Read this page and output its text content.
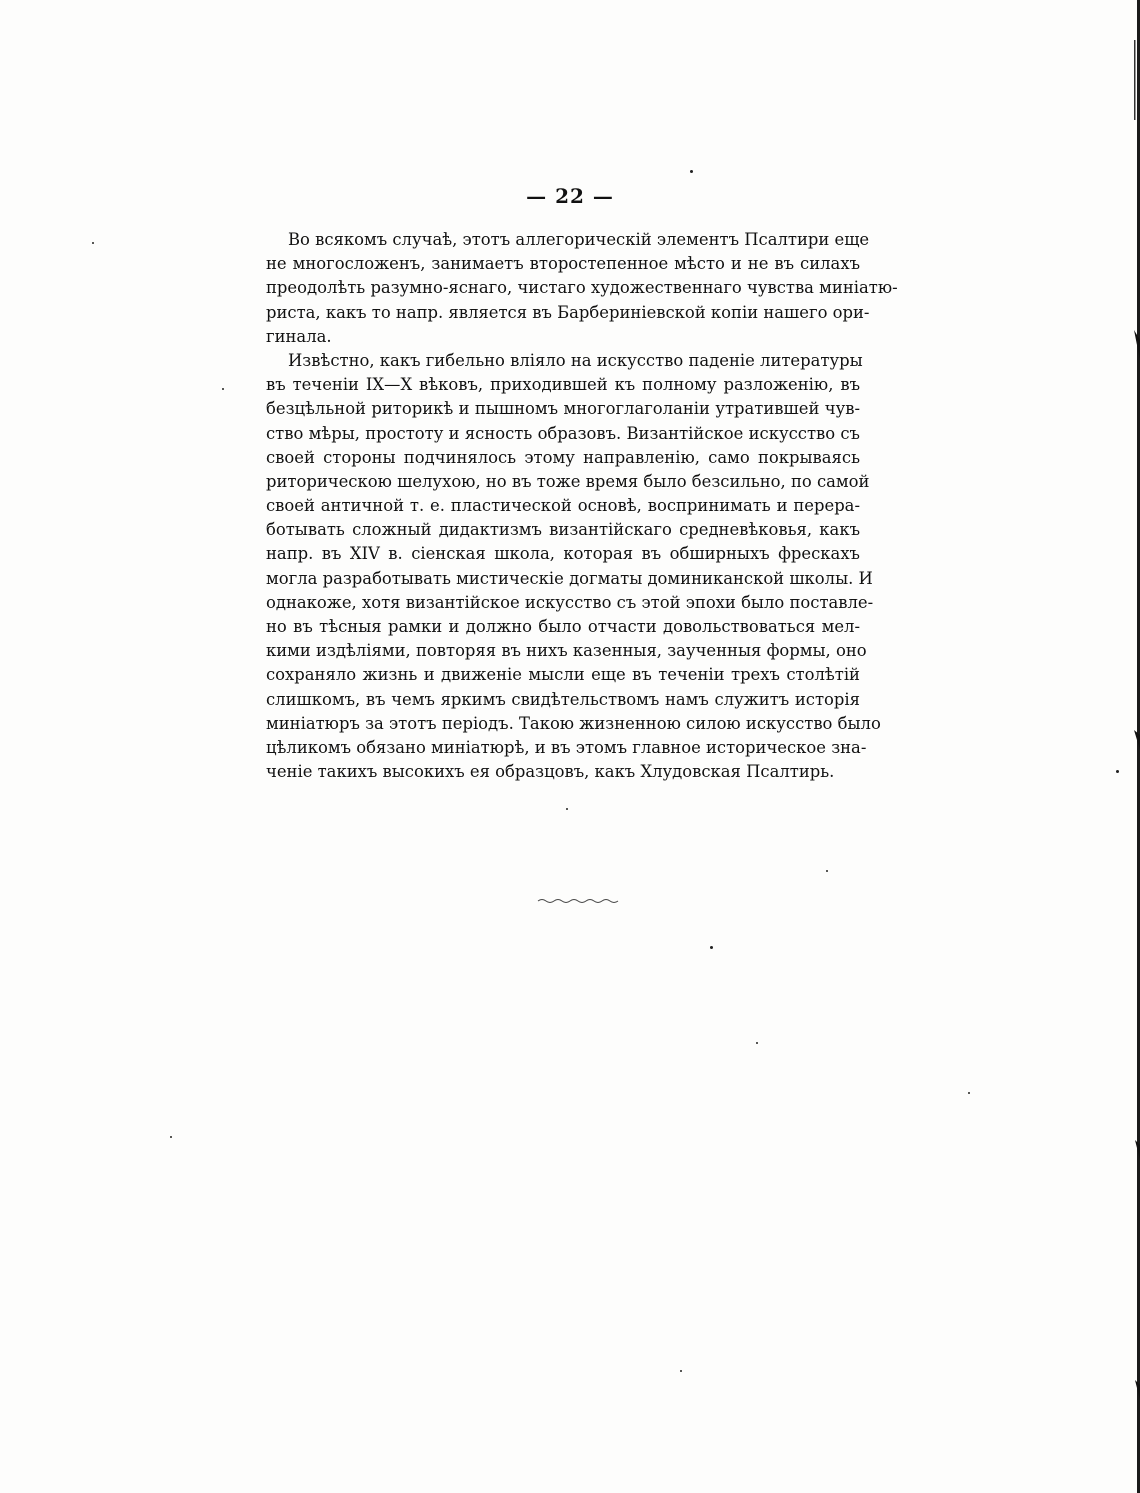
— 22 —
Во всякомъ случаѣ, этотъ аллегорическій элементъ Псалтири еще
не многосложенъ, занимаетъ второстепенное мѣсто и не въ силахъ
преодолѣть разумно-яснаго, чистаго художественнаго чувства миніатю-
риста, какъ то напр. является въ Барберинiевской копіи нашего ори-
гинала.
Извѣстно, какъ гибельно вліяло на искусство паденіе литературы
въ теченіи IX—X вѣковъ, приходившей къ полному разложенію, въ
безцѣльной риторикѣ и пышномъ многоглаголаніи утратившей чув-
ство мѣры, простоту и ясность образовъ. Византійское искусство съ
своей стороны подчинялось этому направленію, само покрываясь
риторическою шелухою, но въ тоже время было безсильно, по самой
своей античной т. е. пластической основѣ, воспринимать и перера-
ботывать сложный дидактизмъ византійскаго средневѣковья, какъ
напр. въ XIV в. сіенская школа, которая въ обширныхъ фрескахъ
могла разработывать мистическіе догматы доминиканской школы. И
однакоже, хотя византійское искусство съ этой эпохи было поставле-
но въ тѣсныя рамки и должно было отчасти довольствоваться мел-
кими издѣліями, повторяя въ нихъ казенныя, заученныя формы, оно
сохраняло жизнь и движеніе мысли еще въ теченіи трехъ столѣтій
слишкомъ, въ чемъ яркимъ свидѣтельствомъ намъ служитъ исторія
миніатюръ за этотъ періодъ. Такою жизненною силою искусство было
цѣликомъ обязано миніатюрѣ, и въ этомъ главное историческое зна-
ченіе такихъ высокихъ ея образцовъ, какъ Хлудовская Псалтирь.
